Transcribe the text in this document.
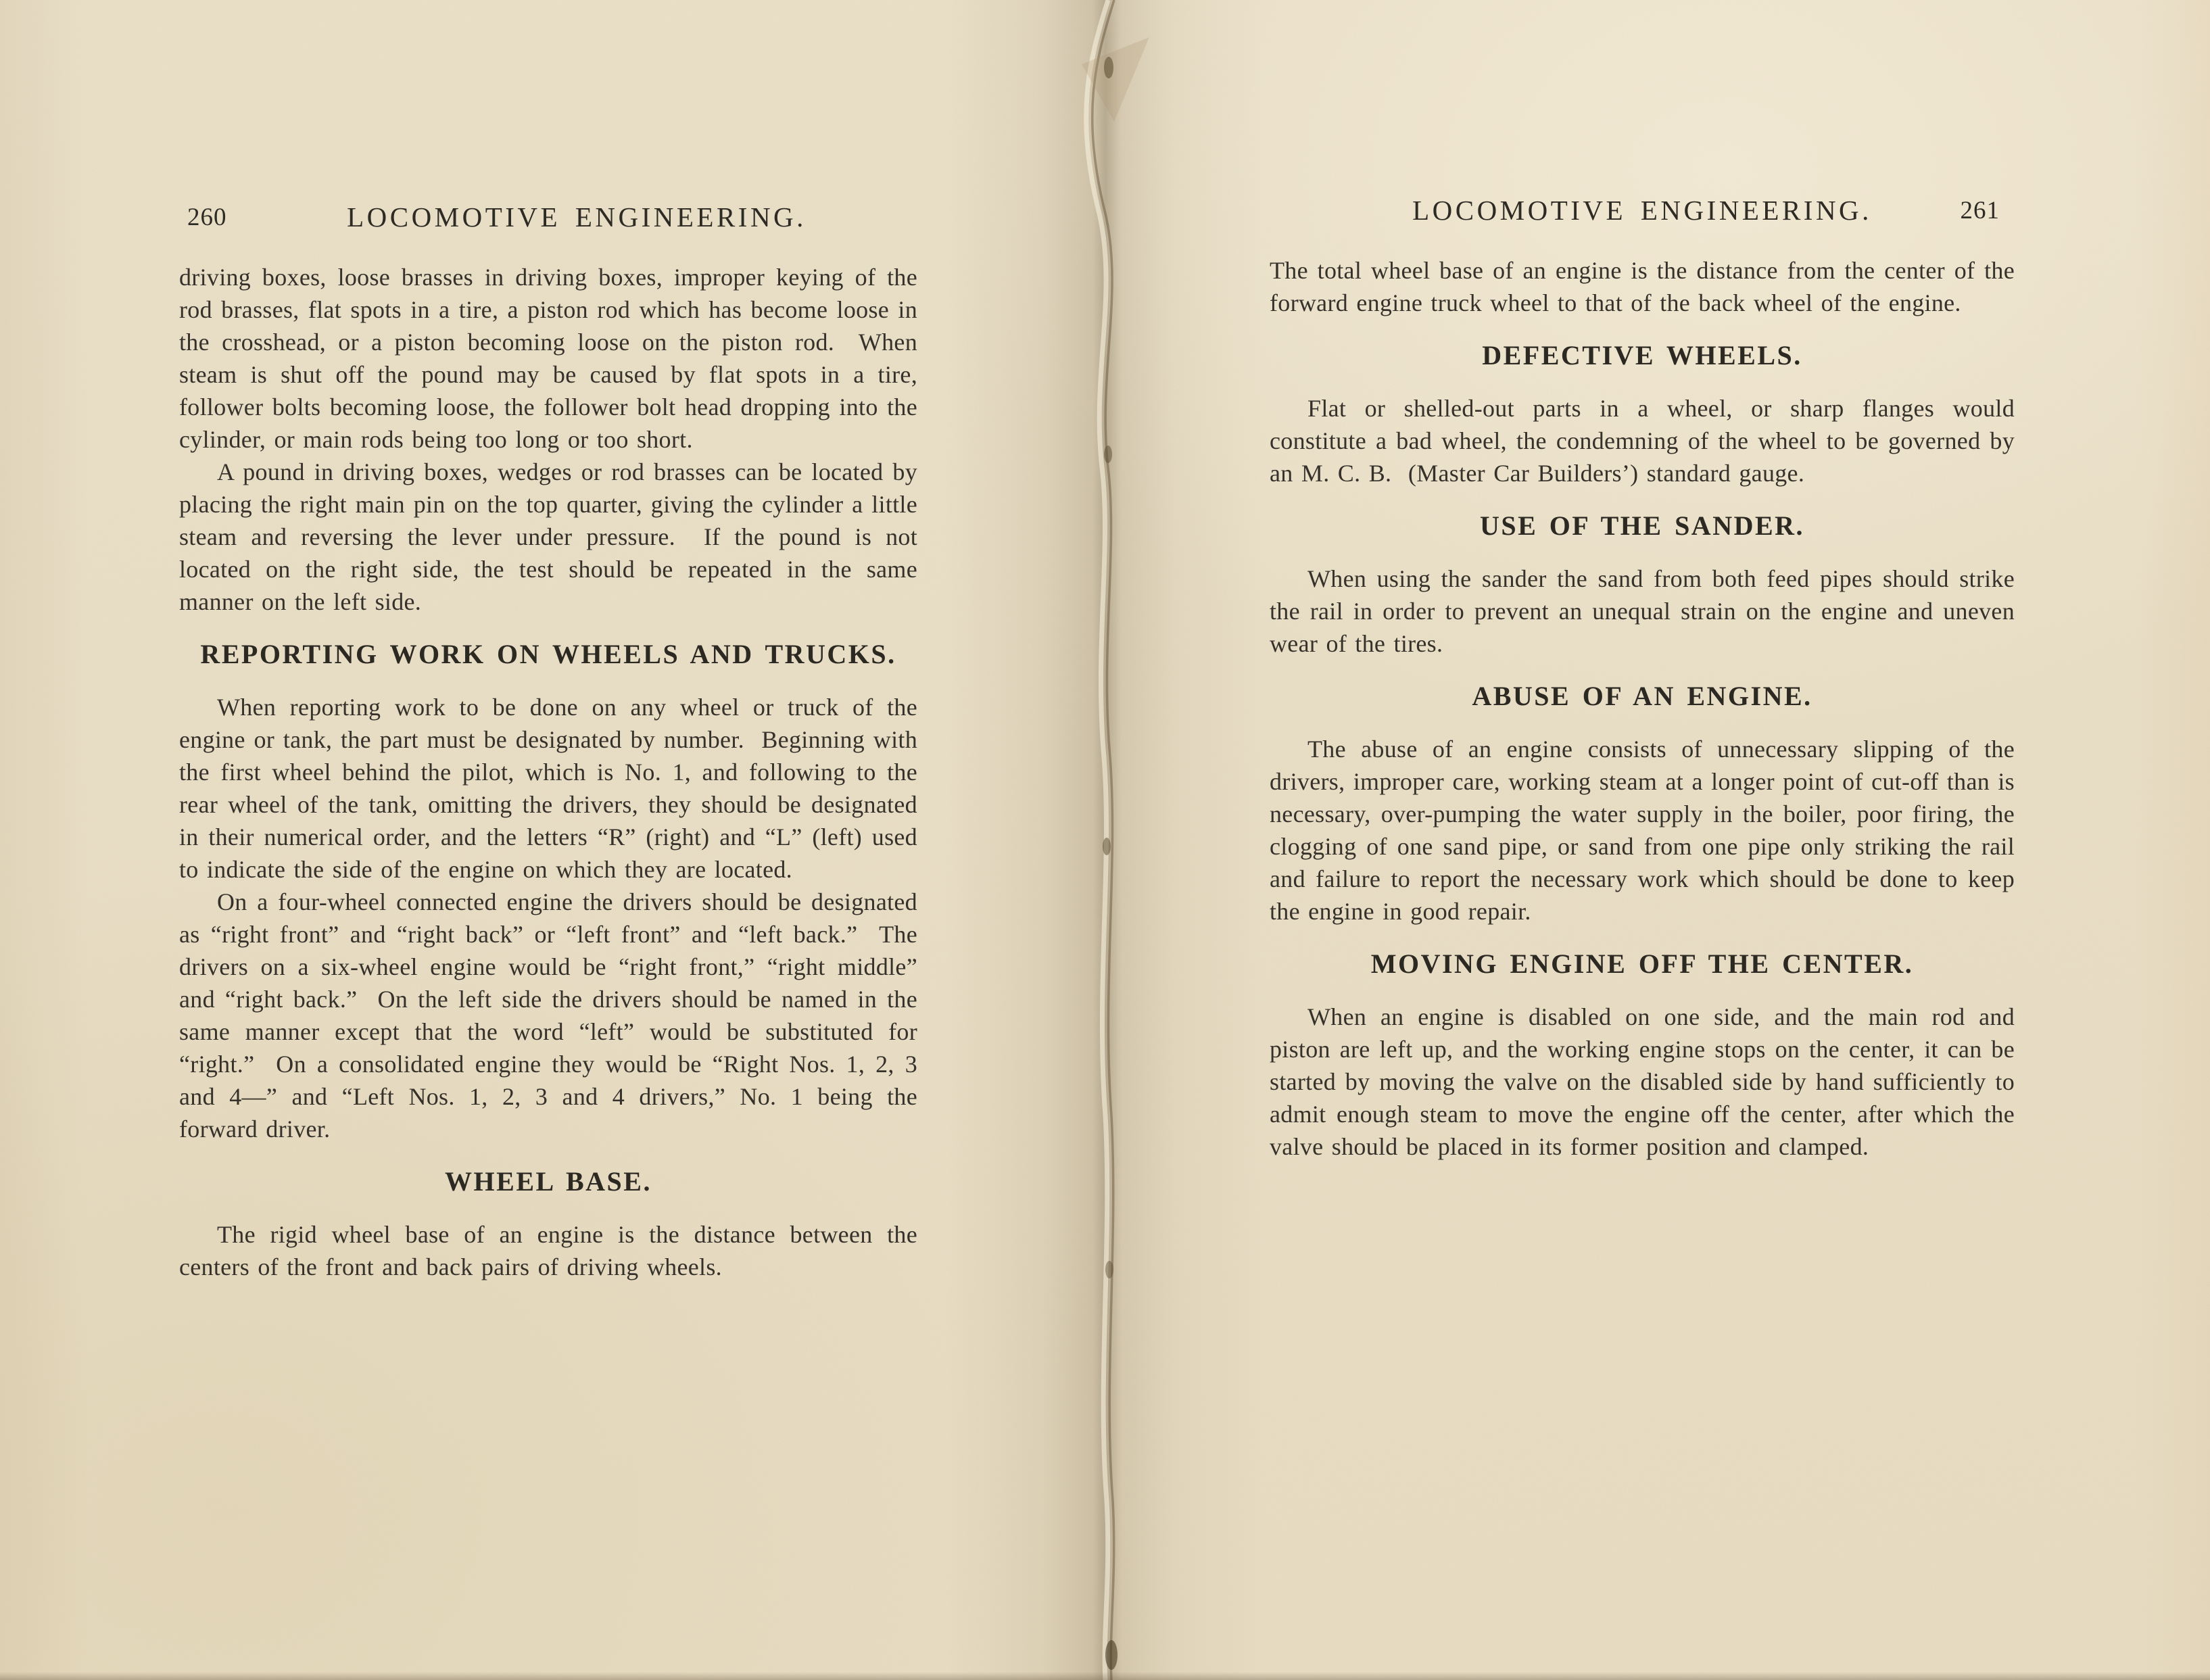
260	LOCOMOTIVE ENGINEERING.

driving boxes, loose brasses in driving boxes, improper keying of the rod brasses, flat spots in a tire, a piston rod which has become loose in the crosshead, or a piston becoming loose on the piston rod.  When steam is shut off the pound may be caused by flat spots in a tire, follower bolts becoming loose, the follower bolt head dropping into the cylinder, or main rods being too long or too short.

A pound in driving boxes, wedges or rod brasses can be located by placing the right main pin on the top quarter, giving the cylinder a little steam and reversing the lever under pressure.  If the pound is not located on the right side, the test should be repeated in the same manner on the left side.

REPORTING WORK ON WHEELS AND TRUCKS.

When reporting work to be done on any wheel or truck of the engine or tank, the part must be designated by number.  Beginning with the first wheel behind the pilot, which is No. 1, and following to the rear wheel of the tank, omitting the drivers, they should be designated in their numerical order, and the letters “R” (right) and “L” (left) used to indicate the side of the engine on which they are located.

On a four-wheel connected engine the drivers should be designated as “right front” and “right back” or “left front” and “left back.”  The drivers on a six-wheel engine would be “right front,” “right middle” and “right back.”  On the left side the drivers should be named in the same manner except that the word “left” would be substituted for “right.”  On a consolidated engine they would be “Right Nos. 1, 2, 3 and 4—” and “Left Nos. 1, 2, 3 and 4 drivers,” No. 1 being the forward driver.

WHEEL BASE.

The rigid wheel base of an engine is the distance between the centers of the front and back pairs of driving wheels.

LOCOMOTIVE ENGINEERING.	261

The total wheel base of an engine is the distance from the center of the forward engine truck wheel to that of the back wheel of the engine.

DEFECTIVE WHEELS.

Flat or shelled-out parts in a wheel, or sharp flanges would constitute a bad wheel, the condemning of the wheel to be governed by an M. C. B.  (Master Car Builders’) standard gauge.

USE OF THE SANDER.

When using the sander the sand from both feed pipes should strike the rail in order to prevent an unequal strain on the engine and uneven wear of the tires.

ABUSE OF AN ENGINE.

The abuse of an engine consists of unnecessary slipping of the drivers, improper care, working steam at a longer point of cut-off than is necessary, over-pumping the water supply in the boiler, poor firing, the clogging of one sand pipe, or sand from one pipe only striking the rail and failure to report the necessary work which should be done to keep the engine in good repair.

MOVING ENGINE OFF THE CENTER.

When an engine is disabled on one side, and the main rod and piston are left up, and the working engine stops on the center, it can be started by moving the valve on the disabled side by hand sufficiently to admit enough steam to move the engine off the center, after which the valve should be placed in its former position and clamped.
